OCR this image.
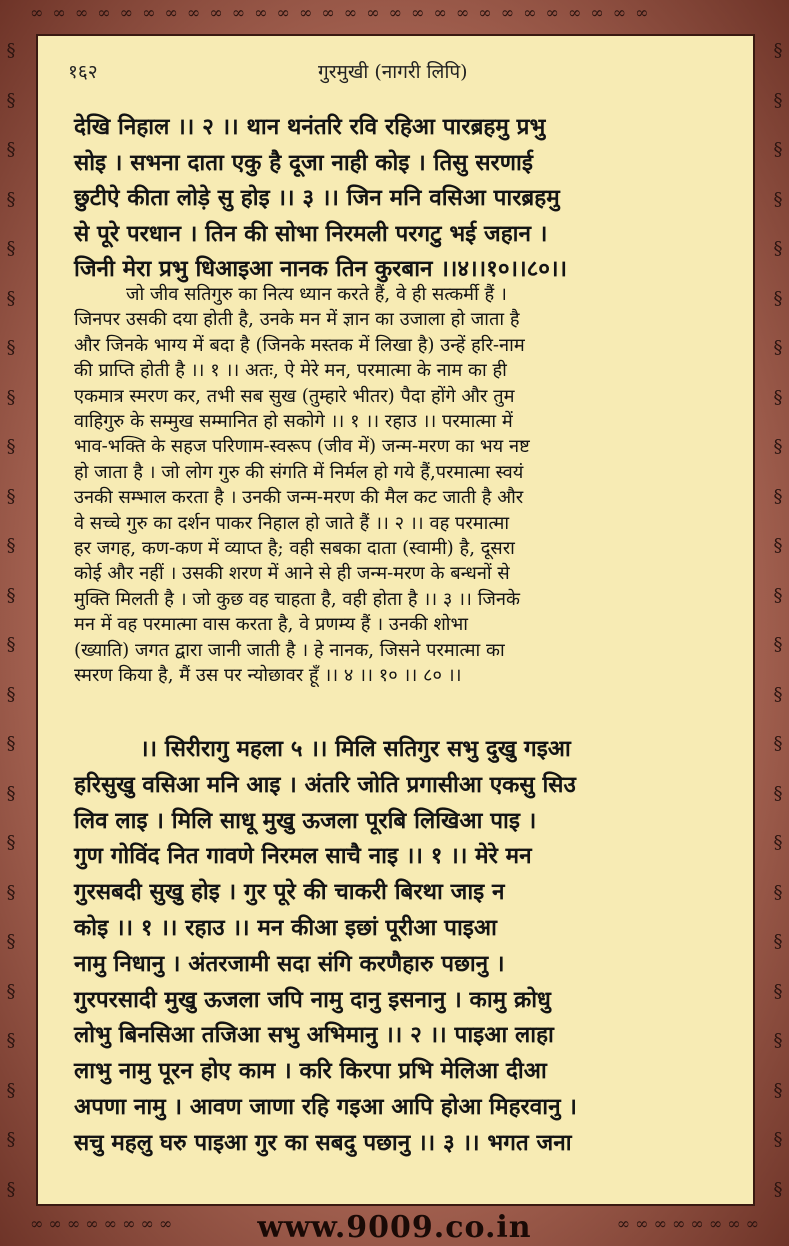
∞ ∞ ∞ ∞ ∞ ∞ ∞ ∞ ∞ ∞ ∞ ∞ ∞ ∞ ∞ ∞ ∞ ∞ ∞ ∞ ∞ ∞ ∞ ∞ ∞ ∞ ∞ ∞
§
§
§
§
§
§
§
§
§
§
§
§
§
§
§
§
§
§
§
§
§
§
§
§
§
§
§
§
§
§
§
§
§
§
§
§
§
§
§
§
§
§
§
§
§
§
§
§
∞ ∞ ∞ ∞ ∞ ∞ ∞ ∞	∞ ∞ ∞ ∞ ∞ ∞ ∞ ∞
१६२	गुरमुखी (नागरी लिपि)
देखि निहाल ।। २ ।। थान थनंतरि रवि रहिआ पारब्रहमु प्रभु
सोइ । सभना दाता एकु है दूजा नाही कोइ । तिसु सरणाई
छुटीऐ कीता लोड़े सु होइ ।। ३ ।। जिन मनि वसिआ पारब्रहमु
से पूरे परधान । तिन की सोभा निरमली परगटु भई जहान ।
जिनी मेरा प्रभु धिआइआ नानक तिन कुरबान ।।४।।१०।।८०।।
जो जीव सतिगुरु का नित्य ध्यान करते हैं, वे ही सत्कर्मी हैं ।
जिनपर उसकी दया होती है, उनके मन में ज्ञान का उजाला हो जाता है
और जिनके भाग्य में बदा है (जिनके मस्तक में लिखा है) उन्हें हरि-नाम
की प्राप्ति होती है ।। १ ।। अतः, ऐ मेरे मन, परमात्मा के नाम का ही
एकमात्र स्मरण कर, तभी सब सुख (तुम्हारे भीतर) पैदा होंगे और तुम
वाहिगुरु के सम्मुख सम्मानित हो सकोगे ।। १ ।। रहाउ ।। परमात्मा में
भाव-भक्ति के सहज परिणाम-स्वरूप (जीव में) जन्म-मरण का भय नष्ट
हो जाता है । जो लोग गुरु की संगति में निर्मल हो गये हैं,परमात्मा स्वयं
उनकी सम्भाल करता है । उनकी जन्म-मरण की मैल कट जाती है और
वे सच्चे गुरु का दर्शन पाकर निहाल हो जाते हैं ।। २ ।। वह परमात्मा
हर जगह, कण-कण में व्याप्त है; वही सबका दाता (स्वामी) है, दूसरा
कोई और नहीं । उसकी शरण में आने से ही जन्म-मरण के बन्धनों से
मुक्ति मिलती है । जो कुछ वह चाहता है, वही होता है ।। ३ ।। जिनके
मन में वह परमात्मा वास करता है, वे प्रणम्य हैं । उनकी शोभा
(ख्याति) जगत द्वारा जानी जाती है । हे नानक, जिसने परमात्मा का
स्मरण किया है, मैं उस पर न्योछावर हूँ ।। ४ ।। १० ।। ८० ।।
।। सिरीरागु महला ५ ।। मिलि सतिगुर सभु दुखु गइआ
हरिसुखु वसिआ मनि आइ । अंतरि जोति प्रगासीआ एकसु सिउ
लिव लाइ । मिलि साधू मुखु ऊजला पूरबि लिखिआ पाइ ।
गुण गोविंद नित गावणे निरमल साचै नाइ ।। १ ।। मेरे मन
गुरसबदी सुखु होइ । गुर पूरे की चाकरी बिरथा जाइ न
कोइ ।। १ ।। रहाउ ।। मन कीआ इछां पूरीआ पाइआ
नामु निधानु । अंतरजामी सदा संगि करणैहारु पछानु ।
गुरपरसादी मुखु ऊजला जपि नामु दानु इसनानु । कामु क्रोधु
लोभु बिनसिआ तजिआ सभु अभिमानु ।। २ ।। पाइआ लाहा
लाभु नामु पूरन होए काम । करि किरपा प्रभि मेलिआ दीआ
अपणा नामु । आवण जाणा रहि गइआ आपि होआ मिहरवानु ।
सचु महलु घरु पाइआ गुर का सबदु पछानु ।। ३ ।। भगत जना
www.9009.co.in
